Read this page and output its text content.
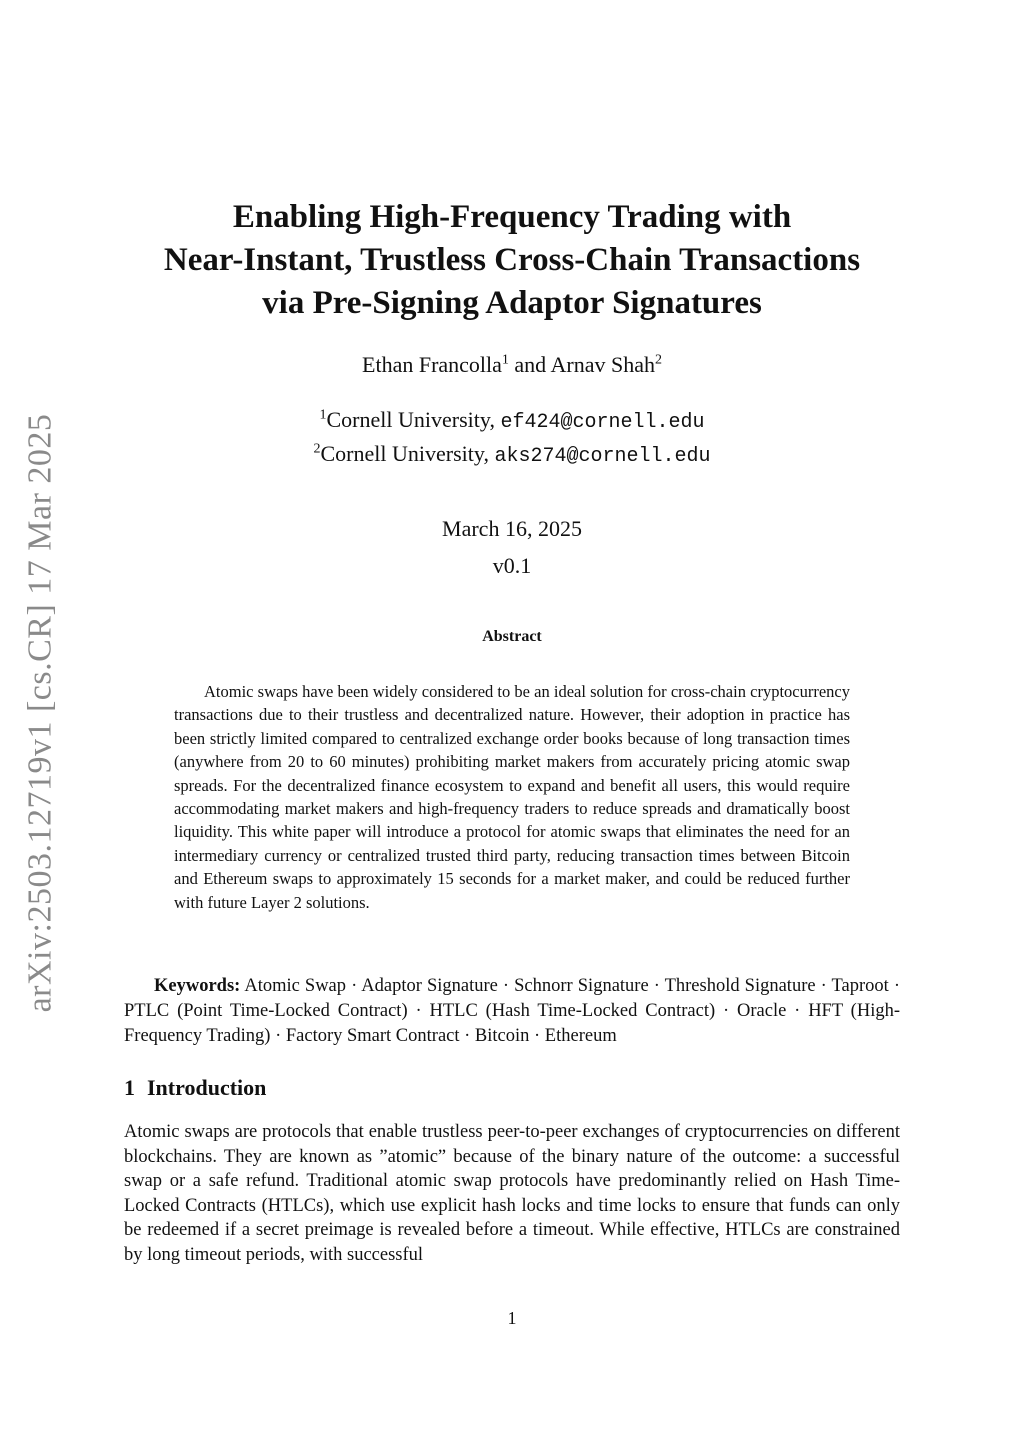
arXiv:2503.12719v1 [cs.CR] 17 Mar 2025
Enabling High-Frequency Trading with
Near-Instant, Trustless Cross-Chain Transactions
via Pre-Signing Adaptor Signatures
Ethan Francolla$^1$ and Arnav Shah$^2$
$^1$Cornell University, ef424@cornell.edu
$^2$Cornell University, aks274@cornell.edu
March 16, 2025
v0.1
Abstract

Atomic swaps have been widely considered to be an ideal solution for cross-chain cryptocurrency transactions due to their trustless and decentralized nature. However, their adoption in practice has been strictly limited compared to centralized exchange order books because of long transaction times (anywhere from 20 to 60 minutes) prohibiting market makers from accurately pricing atomic swap spreads. For the decentralized finance ecosystem to expand and benefit all users, this would require accommodating market makers and high-frequency traders to reduce spreads and dramatically boost liquidity. This white paper will introduce a protocol for atomic swaps that eliminates the need for an intermediary currency or centralized trusted third party, reducing transaction times between Bitcoin and Ethereum swaps to approximately 15 seconds for a market maker, and could be reduced further with future Layer 2 solutions.

Keywords: Atomic Swap · Adaptor Signature · Schnorr Signature · Threshold Signature · Taproot · PTLC (Point Time-Locked Contract) · HTLC (Hash Time-Locked Contract) · Oracle · HFT (High-Frequency Trading) · Factory Smart Contract · Bitcoin · Ethereum

1 Introduction

Atomic swaps are protocols that enable trustless peer-to-peer exchanges of cryptocurrencies on different blockchains. They are known as ”atomic” because of the binary nature of the outcome: a successful swap or a safe refund. Traditional atomic swap protocols have predominantly relied on Hash Time-Locked Contracts (HTLCs), which use explicit hash locks and time locks to ensure that funds can only be redeemed if a secret preimage is revealed before a timeout. While effective, HTLCs are constrained by long timeout periods, with successful

1
